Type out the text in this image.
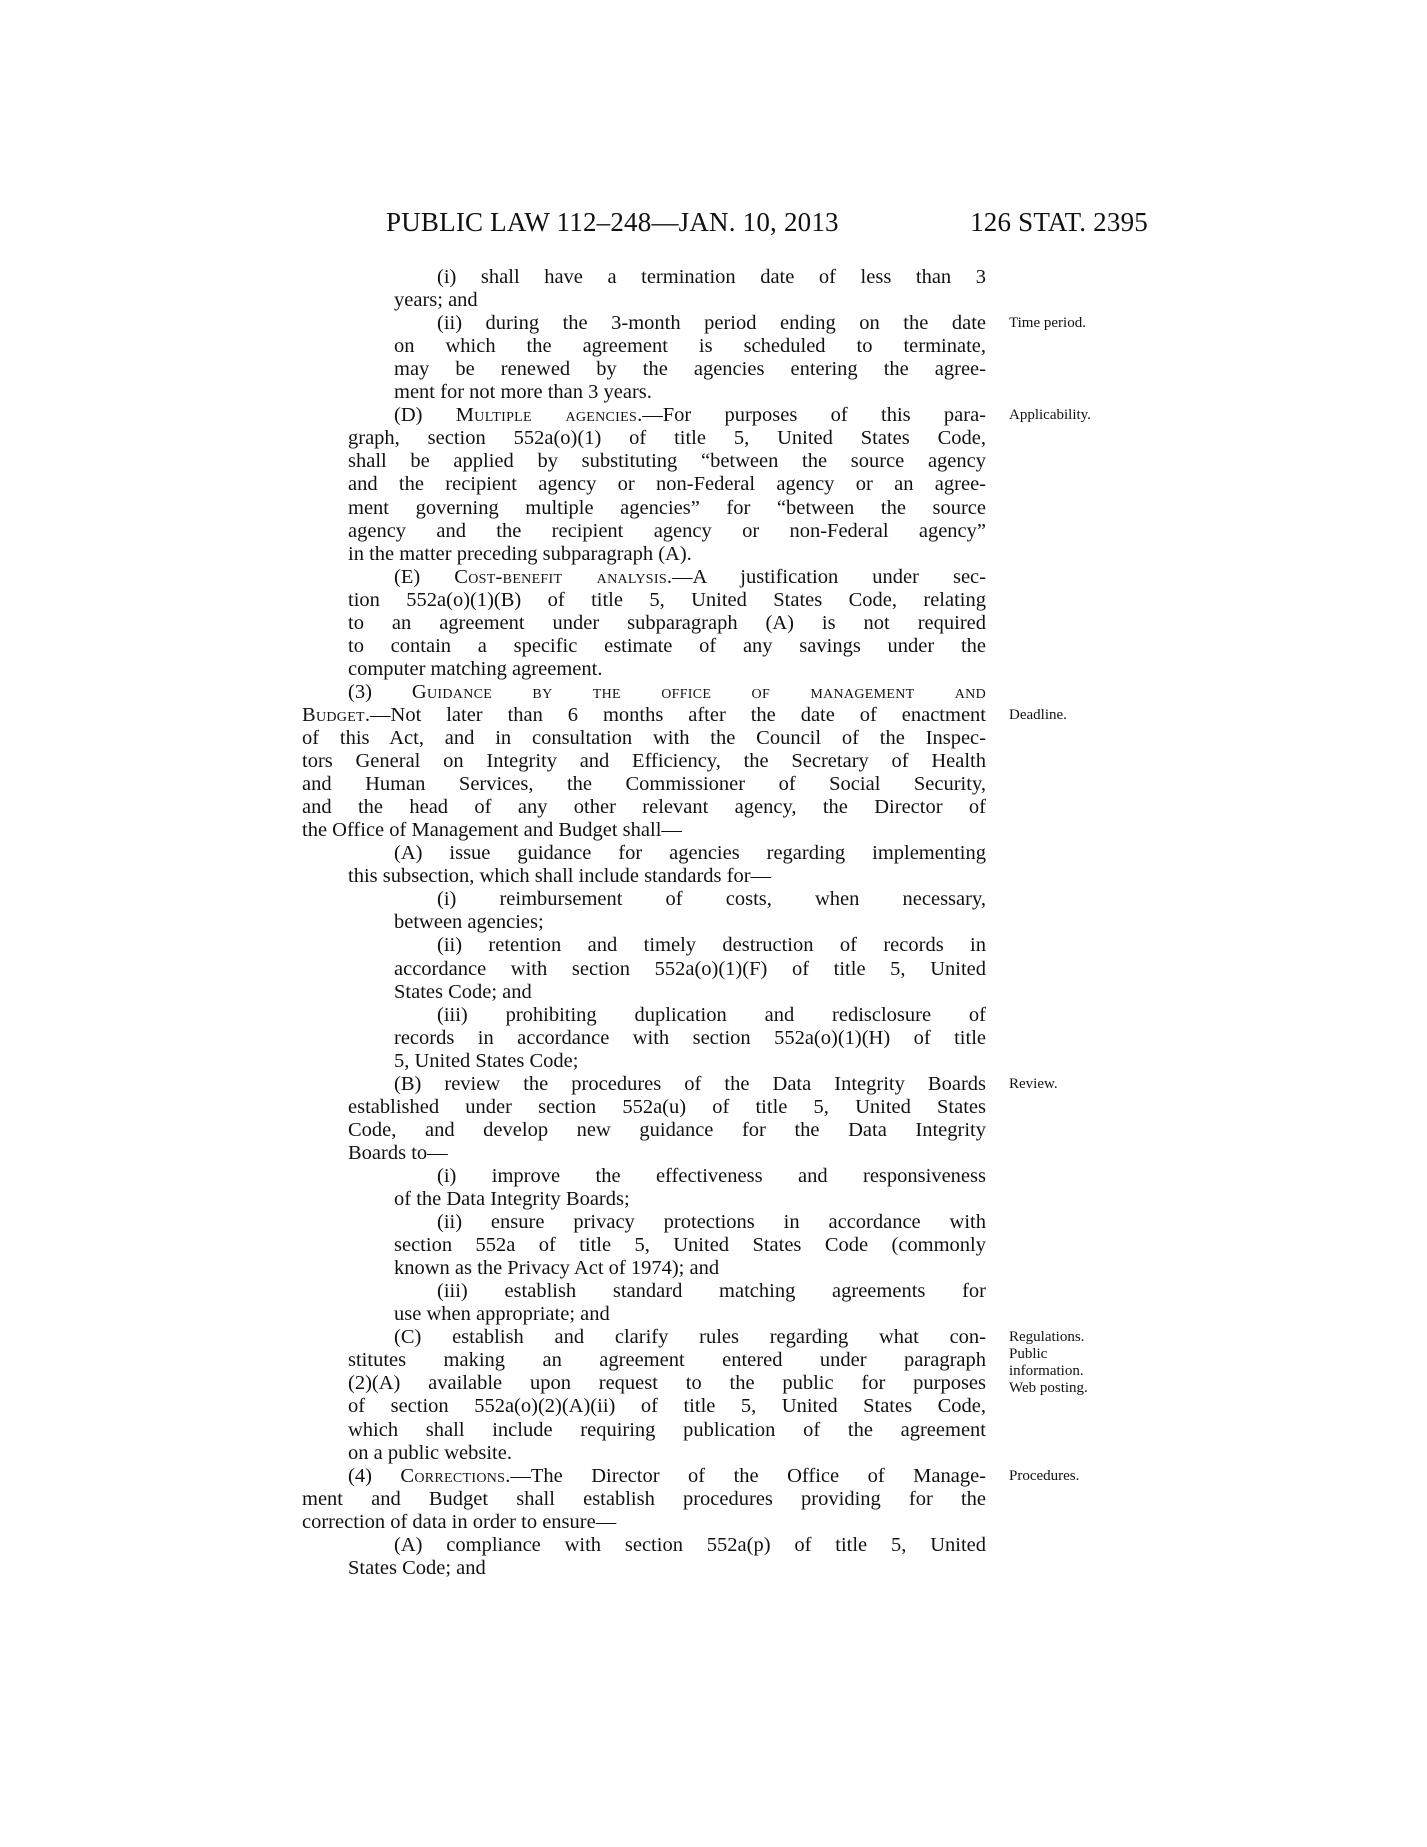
PUBLIC LAW 112–248—JAN. 10, 2013	126 STAT. 2395
(i) shall have a termination date of less than 3
years; and
(ii) during the 3-month period ending on the date
on which the agreement is scheduled to terminate,
may be renewed by the agencies entering the agree-
ment for not more than 3 years.
(D) Multiple agencies.—For purposes of this para-
graph, section 552a(o)(1) of title 5, United States Code,
shall be applied by substituting “between the source agency
and the recipient agency or non-Federal agency or an agree-
ment governing multiple agencies” for “between the source
agency and the recipient agency or non-Federal agency”
in the matter preceding subparagraph (A).
(E) Cost-benefit analysis.—A justification under sec-
tion 552a(o)(1)(B) of title 5, United States Code, relating
to an agreement under subparagraph (A) is not required
to contain a specific estimate of any savings under the
computer matching agreement.
(3) Guidance by the office of management and
Budget.—Not later than 6 months after the date of enactment
of this Act, and in consultation with the Council of the Inspec-
tors General on Integrity and Efficiency, the Secretary of Health
and Human Services, the Commissioner of Social Security,
and the head of any other relevant agency, the Director of
the Office of Management and Budget shall—
(A) issue guidance for agencies regarding implementing
this subsection, which shall include standards for—
(i) reimbursement of costs, when necessary,
between agencies;
(ii) retention and timely destruction of records in
accordance with section 552a(o)(1)(F) of title 5, United
States Code; and
(iii) prohibiting duplication and redisclosure of
records in accordance with section 552a(o)(1)(H) of title
5, United States Code;
(B) review the procedures of the Data Integrity Boards
established under section 552a(u) of title 5, United States
Code, and develop new guidance for the Data Integrity
Boards to—
(i) improve the effectiveness and responsiveness
of the Data Integrity Boards;
(ii) ensure privacy protections in accordance with
section 552a of title 5, United States Code (commonly
known as the Privacy Act of 1974); and
(iii) establish standard matching agreements for
use when appropriate; and
(C) establish and clarify rules regarding what con-
stitutes making an agreement entered under paragraph
(2)(A) available upon request to the public for purposes
of section 552a(o)(2)(A)(ii) of title 5, United States Code,
which shall include requiring publication of the agreement
on a public website.
(4) Corrections.—The Director of the Office of Manage-
ment and Budget shall establish procedures providing for the
correction of data in order to ensure—
(A) compliance with section 552a(p) of title 5, United
States Code; and
Time period.
Applicability.
Deadline.
Review.
Regulations.
Public
information.
Web posting.
Procedures.
